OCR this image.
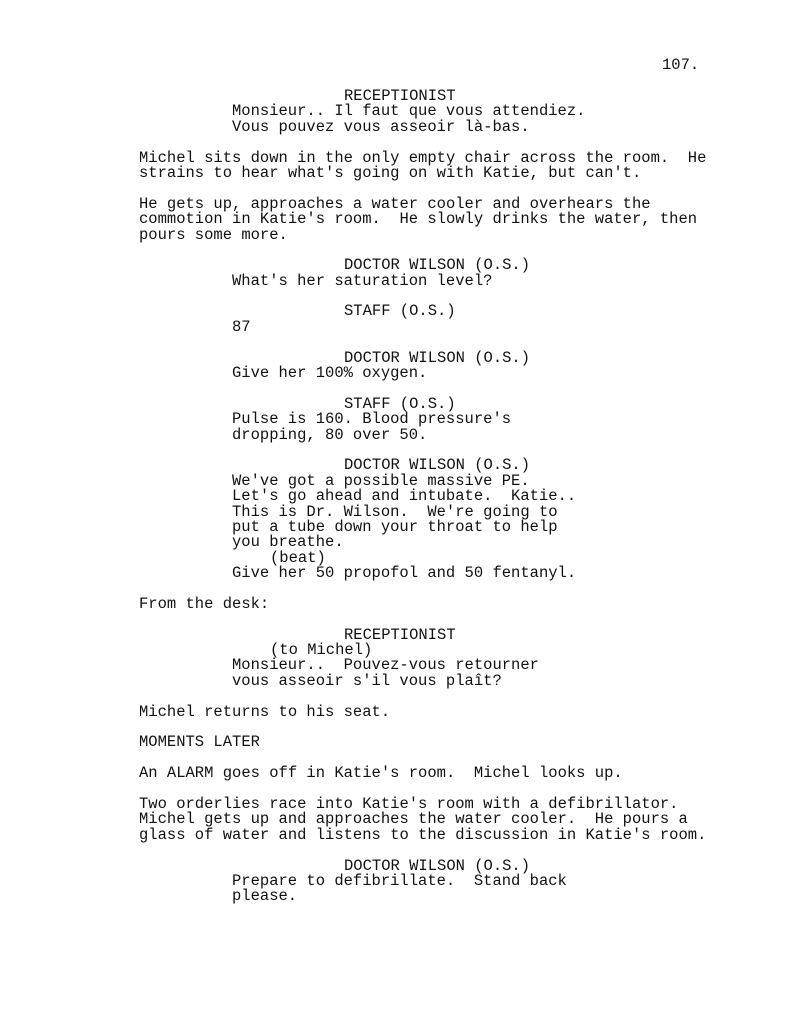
107.
RECEPTIONIST
Monsieur.. Il faut que vous attendiez.
Vous pouvez vous asseoir là-bas.
Michel sits down in the only empty chair across the room.  He
strains to hear what's going on with Katie, but can't.
He gets up, approaches a water cooler and overhears the
commotion in Katie's room.  He slowly drinks the water, then
pours some more.
DOCTOR WILSON (O.S.)
What's her saturation level?
STAFF (O.S.)
87
DOCTOR WILSON (O.S.)
Give her 100% oxygen.
STAFF (O.S.)
Pulse is 160. Blood pressure's
dropping, 80 over 50.
DOCTOR WILSON (O.S.)
We've got a possible massive PE.
Let's go ahead and intubate.  Katie..
This is Dr. Wilson.  We're going to
put a tube down your throat to help
you breathe.
(beat)
Give her 50 propofol and 50 fentanyl.
From the desk:
RECEPTIONIST
(to Michel)
Monsieur..  Pouvez-vous retourner
vous asseoir s'il vous plaît?
Michel returns to his seat.
MOMENTS LATER
An ALARM goes off in Katie's room.  Michel looks up.
Two orderlies race into Katie's room with a defibrillator.
Michel gets up and approaches the water cooler.  He pours a
glass of water and listens to the discussion in Katie's room.
DOCTOR WILSON (O.S.)
Prepare to defibrillate.  Stand back
please.
